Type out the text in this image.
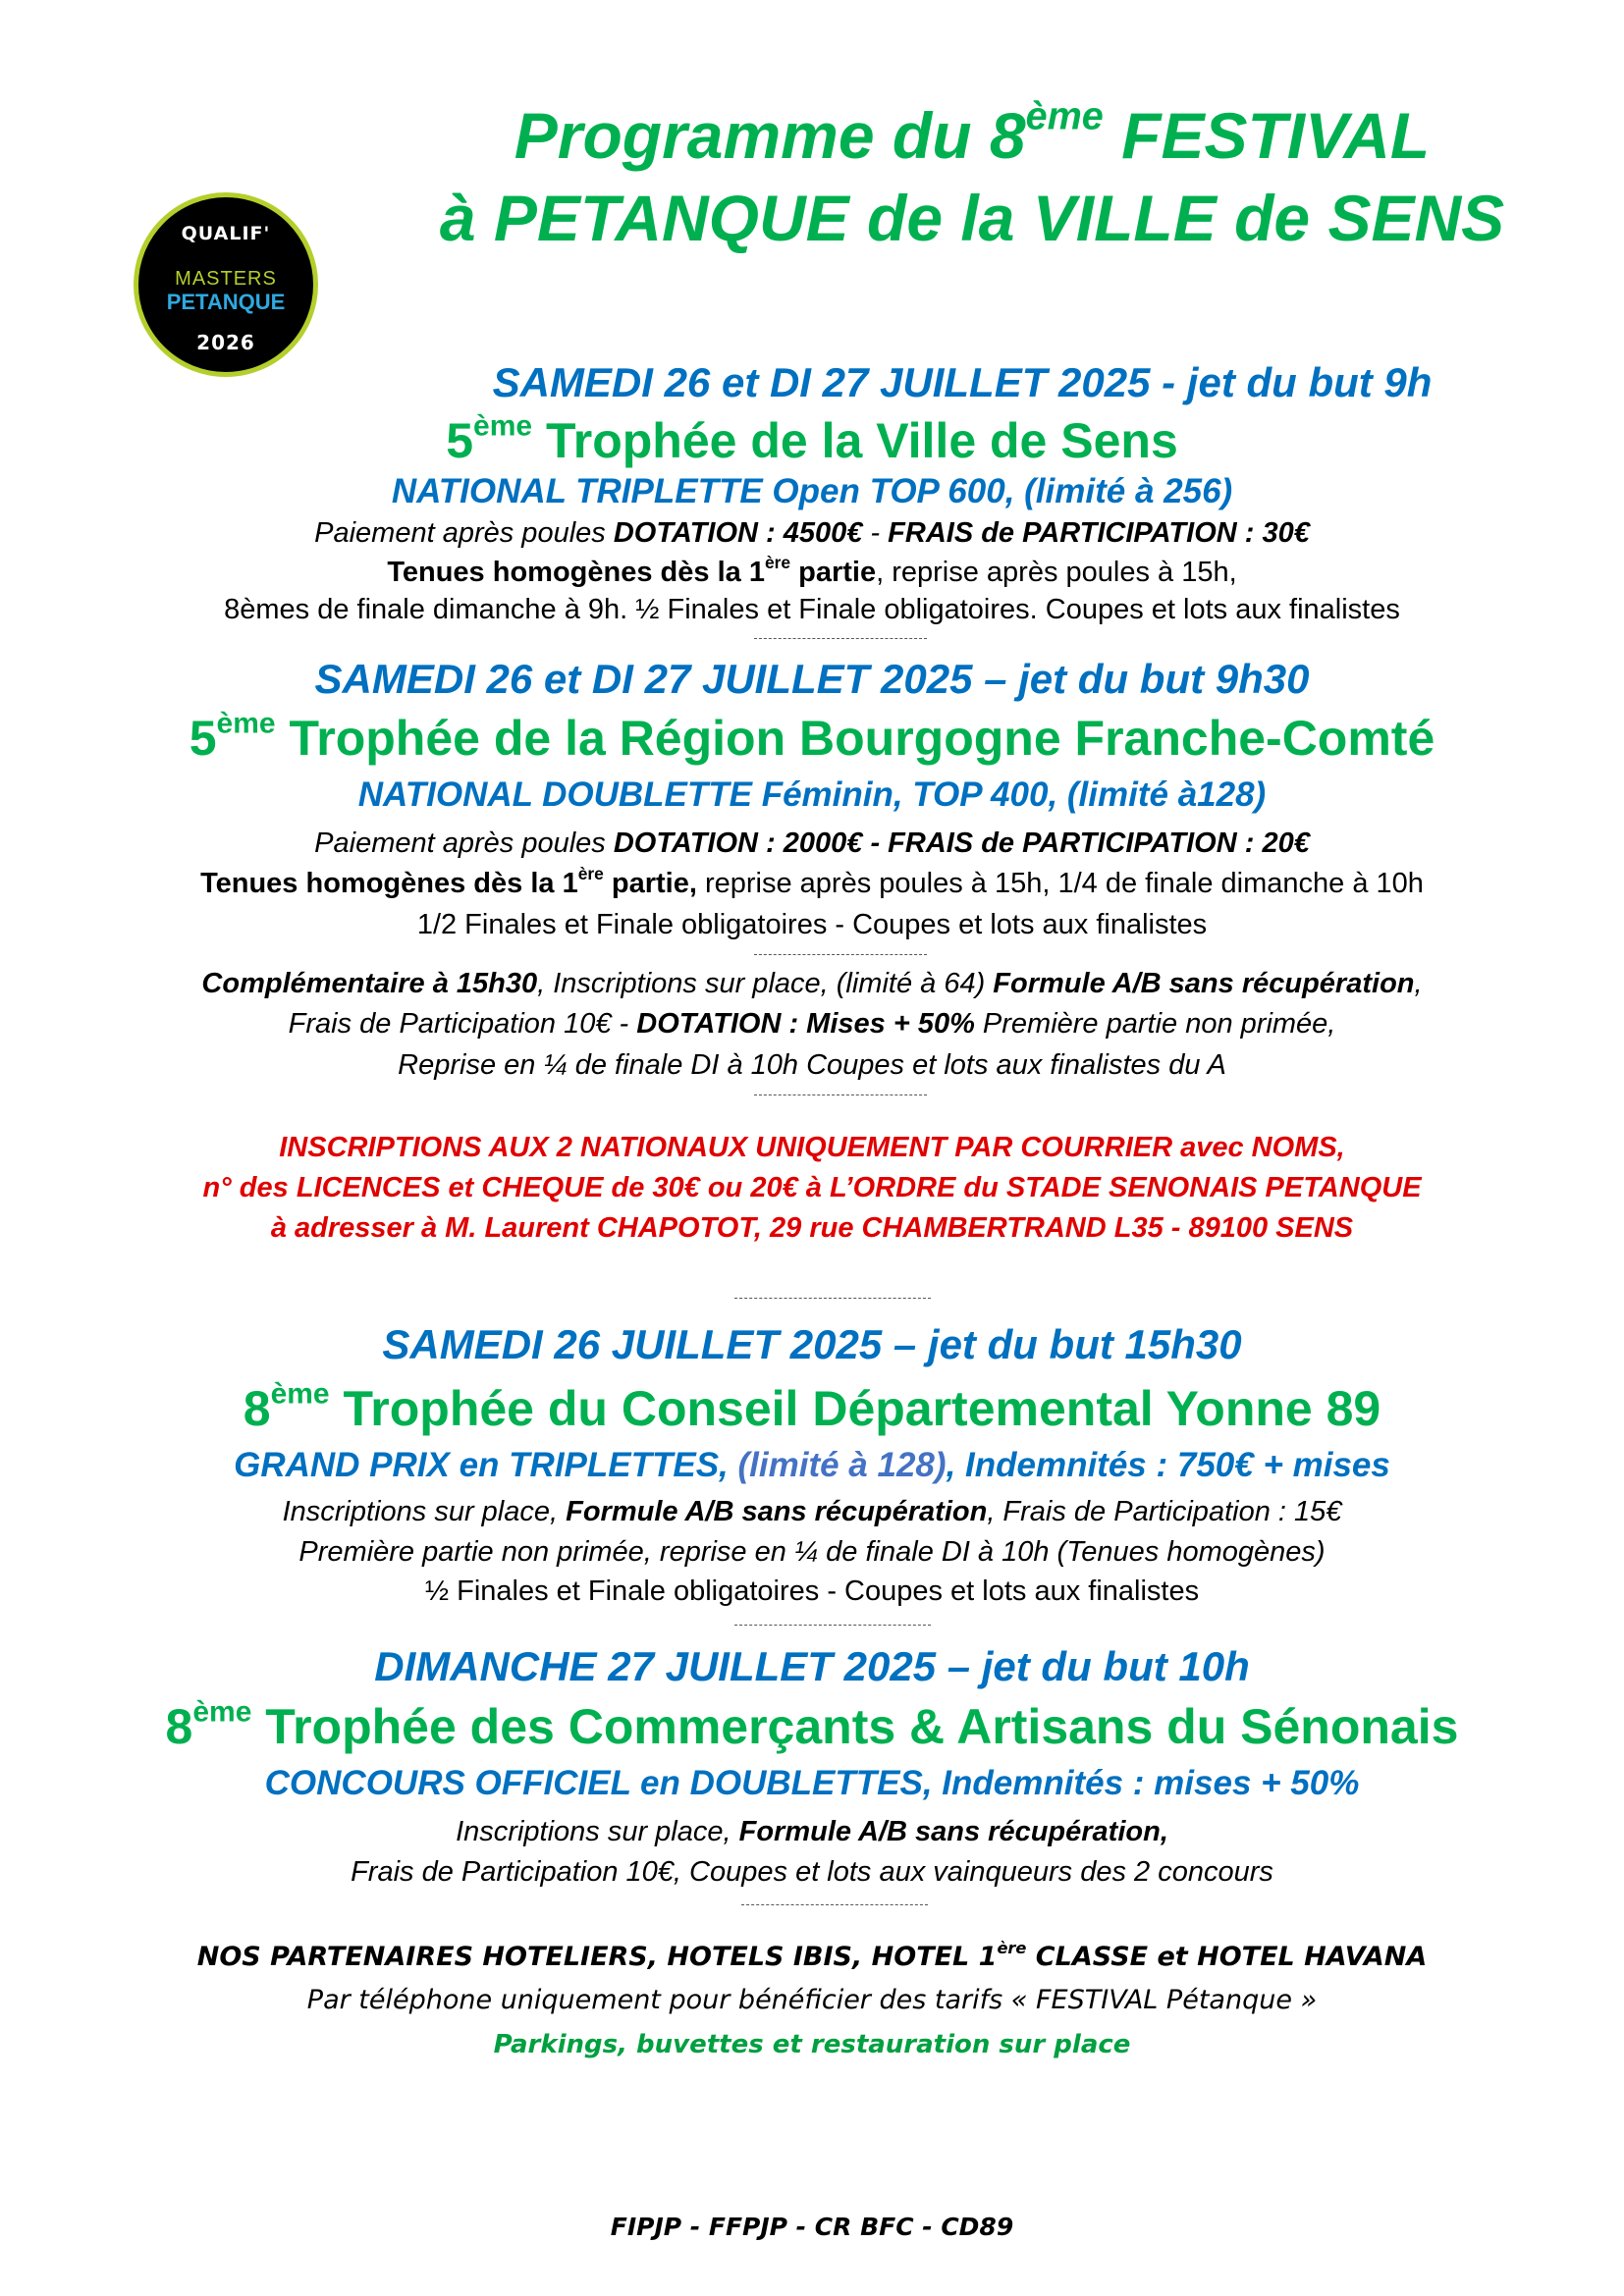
QUALIF'
MASTERS
PETANQUE
2026
Programme du 8ème FESTIVAL
à PETANQUE de la VILLE de SENS
SAMEDI 26 et DI 27 JUILLET 2025 - jet du but 9h
5ème Trophée de la Ville de Sens
NATIONAL TRIPLETTE Open TOP 600, (limité à 256)
Paiement après poules DOTATION : 4500€ - FRAIS de PARTICIPATION : 30€
Tenues homogènes dès la 1ère partie, reprise après poules à 15h,
8èmes de finale dimanche à 9h. ½ Finales et Finale obligatoires. Coupes et lots aux finalistes
SAMEDI 26 et DI 27 JUILLET 2025 – jet du but 9h30
5ème Trophée de la Région Bourgogne Franche-Comté
NATIONAL DOUBLETTE Féminin, TOP 400, (limité à128)
Paiement après poules DOTATION : 2000€ - FRAIS de PARTICIPATION : 20€
Tenues homogènes dès la 1ère partie, reprise après poules à 15h, 1/4 de finale dimanche à 10h
1/2 Finales et Finale obligatoires - Coupes et lots aux finalistes
Complémentaire à 15h30, Inscriptions sur place, (limité à 64) Formule A/B sans récupération,
Frais de Participation 10€ - DOTATION : Mises + 50% Première partie non primée,
Reprise en ¼ de finale DI à 10h Coupes et lots aux finalistes du A
INSCRIPTIONS AUX 2 NATIONAUX UNIQUEMENT PAR COURRIER avec NOMS,
n° des LICENCES et CHEQUE de 30€ ou 20€ à L’ORDRE du STADE SENONAIS PETANQUE
à adresser à M. Laurent CHAPOTOT, 29 rue CHAMBERTRAND L35 - 89100 SENS
SAMEDI 26 JUILLET 2025 – jet du but 15h30
8ème Trophée du Conseil Départemental Yonne 89
GRAND PRIX en TRIPLETTES, (limité à 128), Indemnités : 750€ + mises
Inscriptions sur place, Formule A/B sans récupération, Frais de Participation : 15€
Première partie non primée, reprise en ¼ de finale DI à 10h (Tenues homogènes)
½ Finales et Finale obligatoires - Coupes et lots aux finalistes
DIMANCHE 27 JUILLET 2025 – jet du but 10h
8ème Trophée des Commerçants & Artisans du Sénonais
CONCOURS OFFICIEL en DOUBLETTES, Indemnités : mises + 50%
Inscriptions sur place, Formule A/B sans récupération,
Frais de Participation 10€, Coupes et lots aux vainqueurs des 2 concours
NOS PARTENAIRES HOTELIERS, HOTELS IBIS, HOTEL 1ère CLASSE et HOTEL HAVANA
Par téléphone uniquement pour bénéficier des tarifs « FESTIVAL Pétanque »
Parkings, buvettes et restauration sur place
FIPJP - FFPJP - CR BFC - CD89
